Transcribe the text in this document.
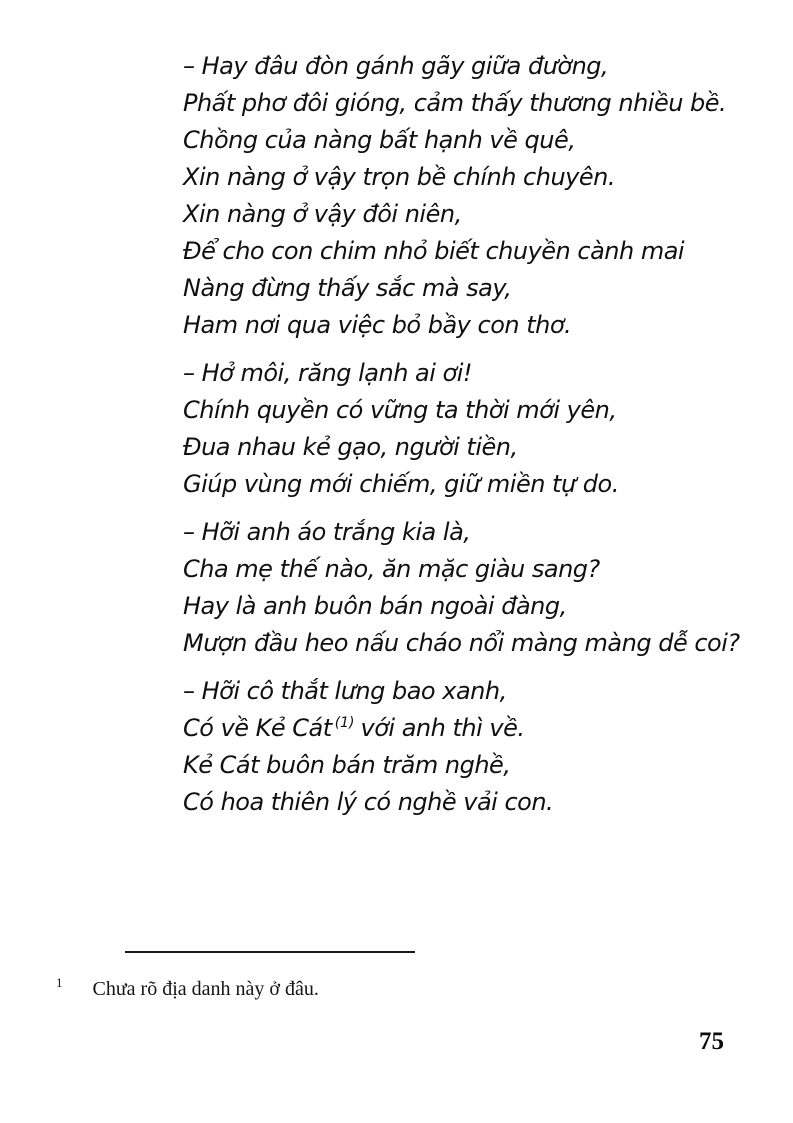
– Hay đâu đòn gánh gãy giữa đường,

Phất phơ đôi gióng, cảm thấy thương nhiều bề.

Chồng của nàng bất hạnh về quê,

Xin nàng ở vậy trọn bề chính chuyên.

Xin nàng ở vậy đôi niên,

Để cho con chim nhỏ biết chuyền cành mai

Nàng đừng thấy sắc mà say,

Ham nơi qua việc bỏ bầy con thơ.

– Hở môi, răng lạnh ai ơi!

Chính quyền có vững ta thời mới yên,

Đua nhau kẻ gạo, người tiền,

Giúp vùng mới chiếm, giữ miền tự do.

– Hỡi anh áo trắng kia là,

Cha mẹ thế nào, ăn mặc giàu sang?

Hay là anh buôn bán ngoài đàng,

Mượn đầu heo nấu cháo nổi màng màng dễ coi?

– Hỡi cô thắt lưng bao xanh,

Có về Kẻ Cát $^{(1)}$ với anh thì về.

Kẻ Cát buôn bán trăm nghề,

Có hoa thiên lý có nghề vải con.

$^1$ Chưa rõ địa danh này ở đâu.
75
